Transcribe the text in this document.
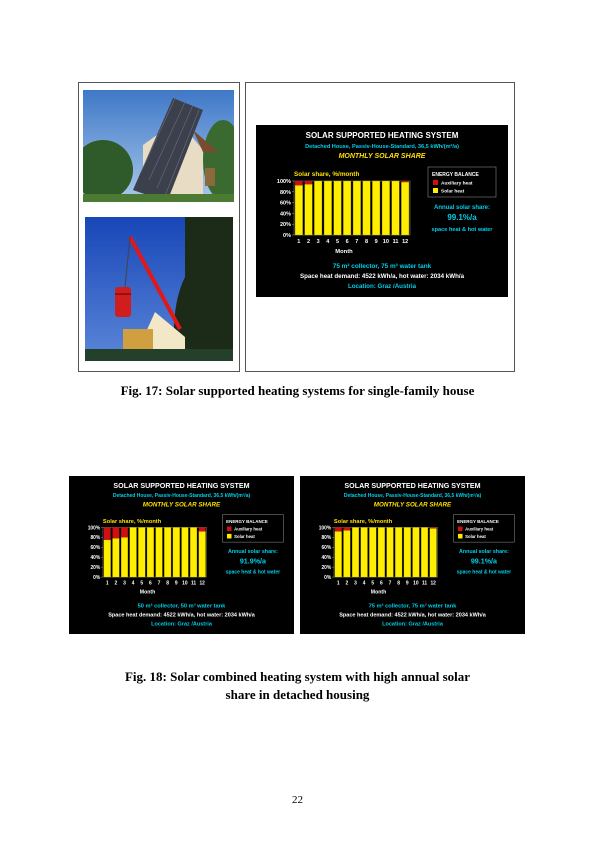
SOLAR SUPPORTED HEATING SYSTEM
Detached House, Passiv-House-Standard, 36,5 kWh/(m²/a)
MONTHLY SOLAR SHARE
Solar share, %/month
100%
80%
60%
40%
20%
0%
1 2 3 4 5 6 7 8 9 10 11 12
Month
ENERGY BALANCE
Auxiliary heat
Solar heat
Annual solar share:
99.1%/a
space heat & hot water
75 m² collector, 75 m³ water tank
Space heat demand: 4522 kWh/a, hot water: 2034 kWh/a
Location: Graz /Austria
Fig. 17: Solar supported heating systems for single-family house
SOLAR SUPPORTED HEATING SYSTEM
Detached House, Passiv-House-Standard, 36,5 kWh/(m²/a)
MONTHLY SOLAR SHARE
Solar share, %/month
100%
80%
60%
40%
20%
0%
1 2 3 4 5 6 7 8 9 10 11 12
Month
ENERGY BALANCE
Auxiliary heat
Solar heat
Annual solar share:
91.9%/a
space heat & hot water
50 m² collector, 50 m³ water tank
Space heat demand: 4522 kWh/a, hot water: 2034 kWh/a
Location: Graz /Austria
SOLAR SUPPORTED HEATING SYSTEM
Detached House, Passiv-House-Standard, 36,5 kWh/(m²/a)
MONTHLY SOLAR SHARE
Solar share, %/month
100%
80%
60%
40%
20%
0%
1 2 3 4 5 6 7 8 9 10 11 12
Month
ENERGY BALANCE
Auxiliary heat
Solar heat
Annual solar share:
99.1%/a
space heat & hot water
75 m² collector, 75 m³ water tank
Space heat demand: 4522 kWh/a, hot water: 2034 kWh/a
Location: Graz /Austria
Fig. 18: Solar combined heating system with high annual solar
share in detached housing
22
